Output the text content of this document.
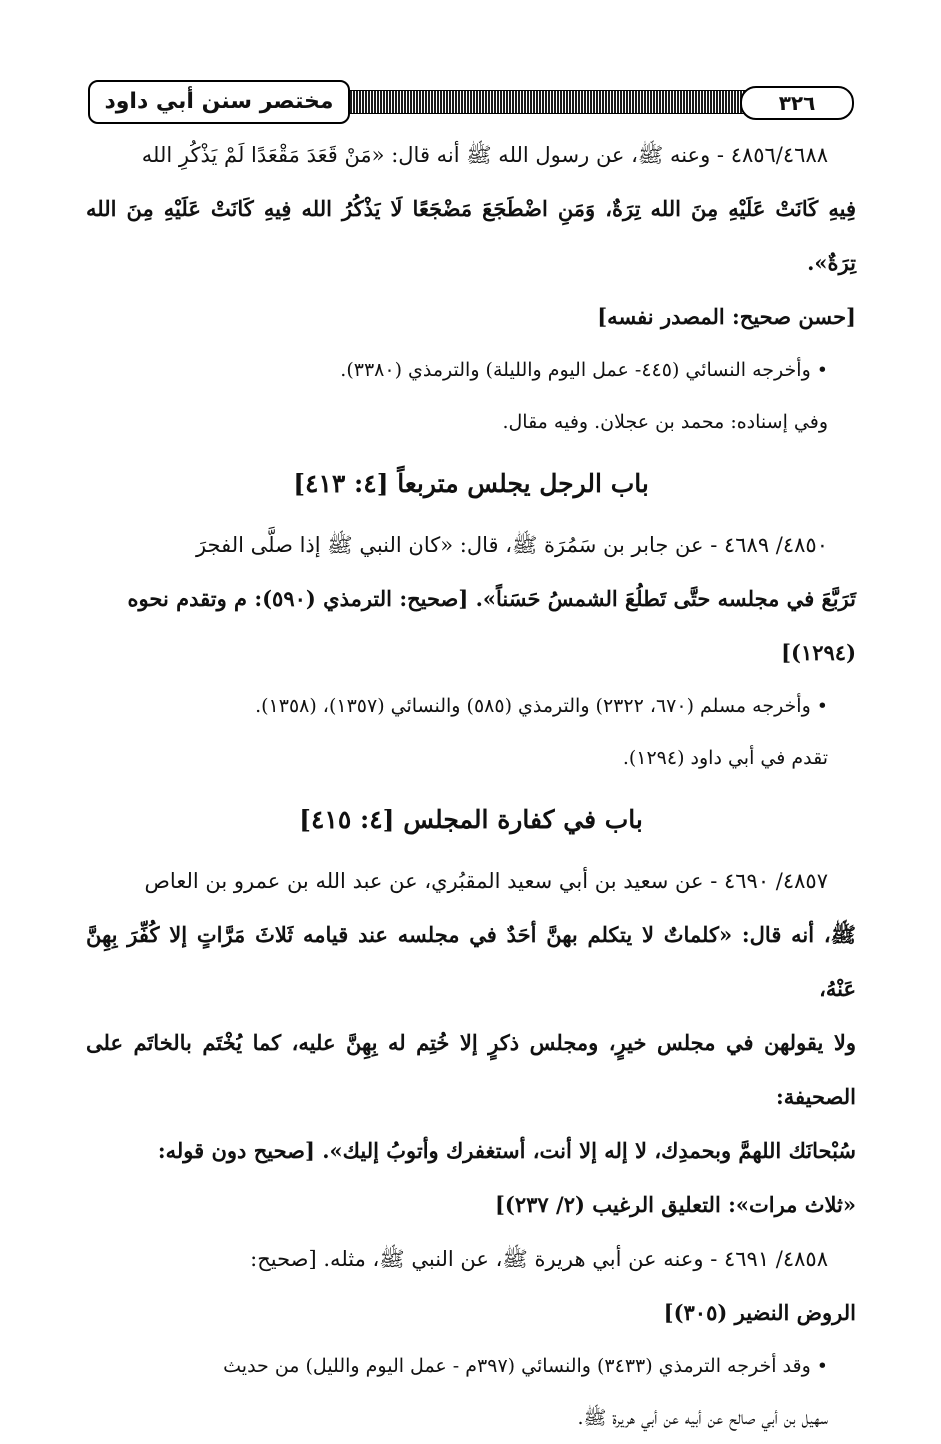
مختصر سنن أبي داود	٣٢٦

٤٨٥٦/٤٦٨٨ - وعنه ﷺ، عن رسول الله ﷺ أنه قال: «مَنْ قَعَدَ مَقْعَدًا لَمْ يَذْكُرِ الله

فِيهِ كَانَتْ عَلَيْهِ مِنَ الله تِرَةٌ، وَمَنِ اضْطَجَعَ مَضْجَعًا لَا يَذْكُرُ الله فِيهِ كَانَتْ عَلَيْهِ مِنَ الله تِرَةٌ».

[حسن صحيح: المصدر نفسه]

• وأخرجه النسائي (٤٤٥- عمل اليوم والليلة) والترمذي (٣٣٨٠).

وفي إسناده: محمد بن عجلان. وفيه مقال.

باب الرجل يجلس متربعاً [٤: ٤١٣]

٤٨٥٠/ ٤٦٨٩ - عن جابر بن سَمُرَة ﷺ، قال: «كان النبي ﷺ إذا صلَّى الفجرَ

تَرَبَّعَ في مجلسه حتَّى تَطلُعَ الشمسُ حَسَناً». [صحيح: الترمذي (٥٩٠): م وتقدم نحوه

(١٢٩٤)]

• وأخرجه مسلم (٦٧٠، ٢٣٢٢) والترمذي (٥٨٥) والنسائي (١٣٥٧)، (١٣٥٨).

تقدم في أبي داود (١٢٩٤).

باب في كفارة المجلس [٤: ٤١٥]

٤٨٥٧/ ٤٦٩٠ - عن سعيد بن أبي سعيد المقبُري، عن عبد الله بن عمرو بن العاص

ﷺ، أنه قال: «كلماتٌ لا يتكلم بهنَّ أحَدٌ في مجلسه عند قيامه ثَلاثَ مَرَّاتٍ إلا كُفِّرَ بِهِنَّ عَنْهُ،

ولا يقولهن في مجلس خيرٍ، ومجلس ذكرٍ إلا خُتِم له بِهِنَّ عليه، كما يُخْتَم بالخاتَم على الصحيفة:

سُبْحانَك اللهمَّ وبحمدِك، لا إله إلا أنت، أستغفرك وأتوبُ إليك». [صحيح دون قوله:

«ثلاث مرات»: التعليق الرغيب (٢/ ٢٣٧)]

٤٨٥٨/ ٤٦٩١ - وعنه عن أبي هريرة ﷺ، عن النبي ﷺ، مثله. [صحيح:

الروض النضير (٣٠٥)]

• وقد أخرجه الترمذي (٣٤٣٣) والنسائي (٣٩٧م - عمل اليوم والليل) من حديث

سهيل بن أبي صالح عن أبيه عن أبي هريرة ﷺ.
